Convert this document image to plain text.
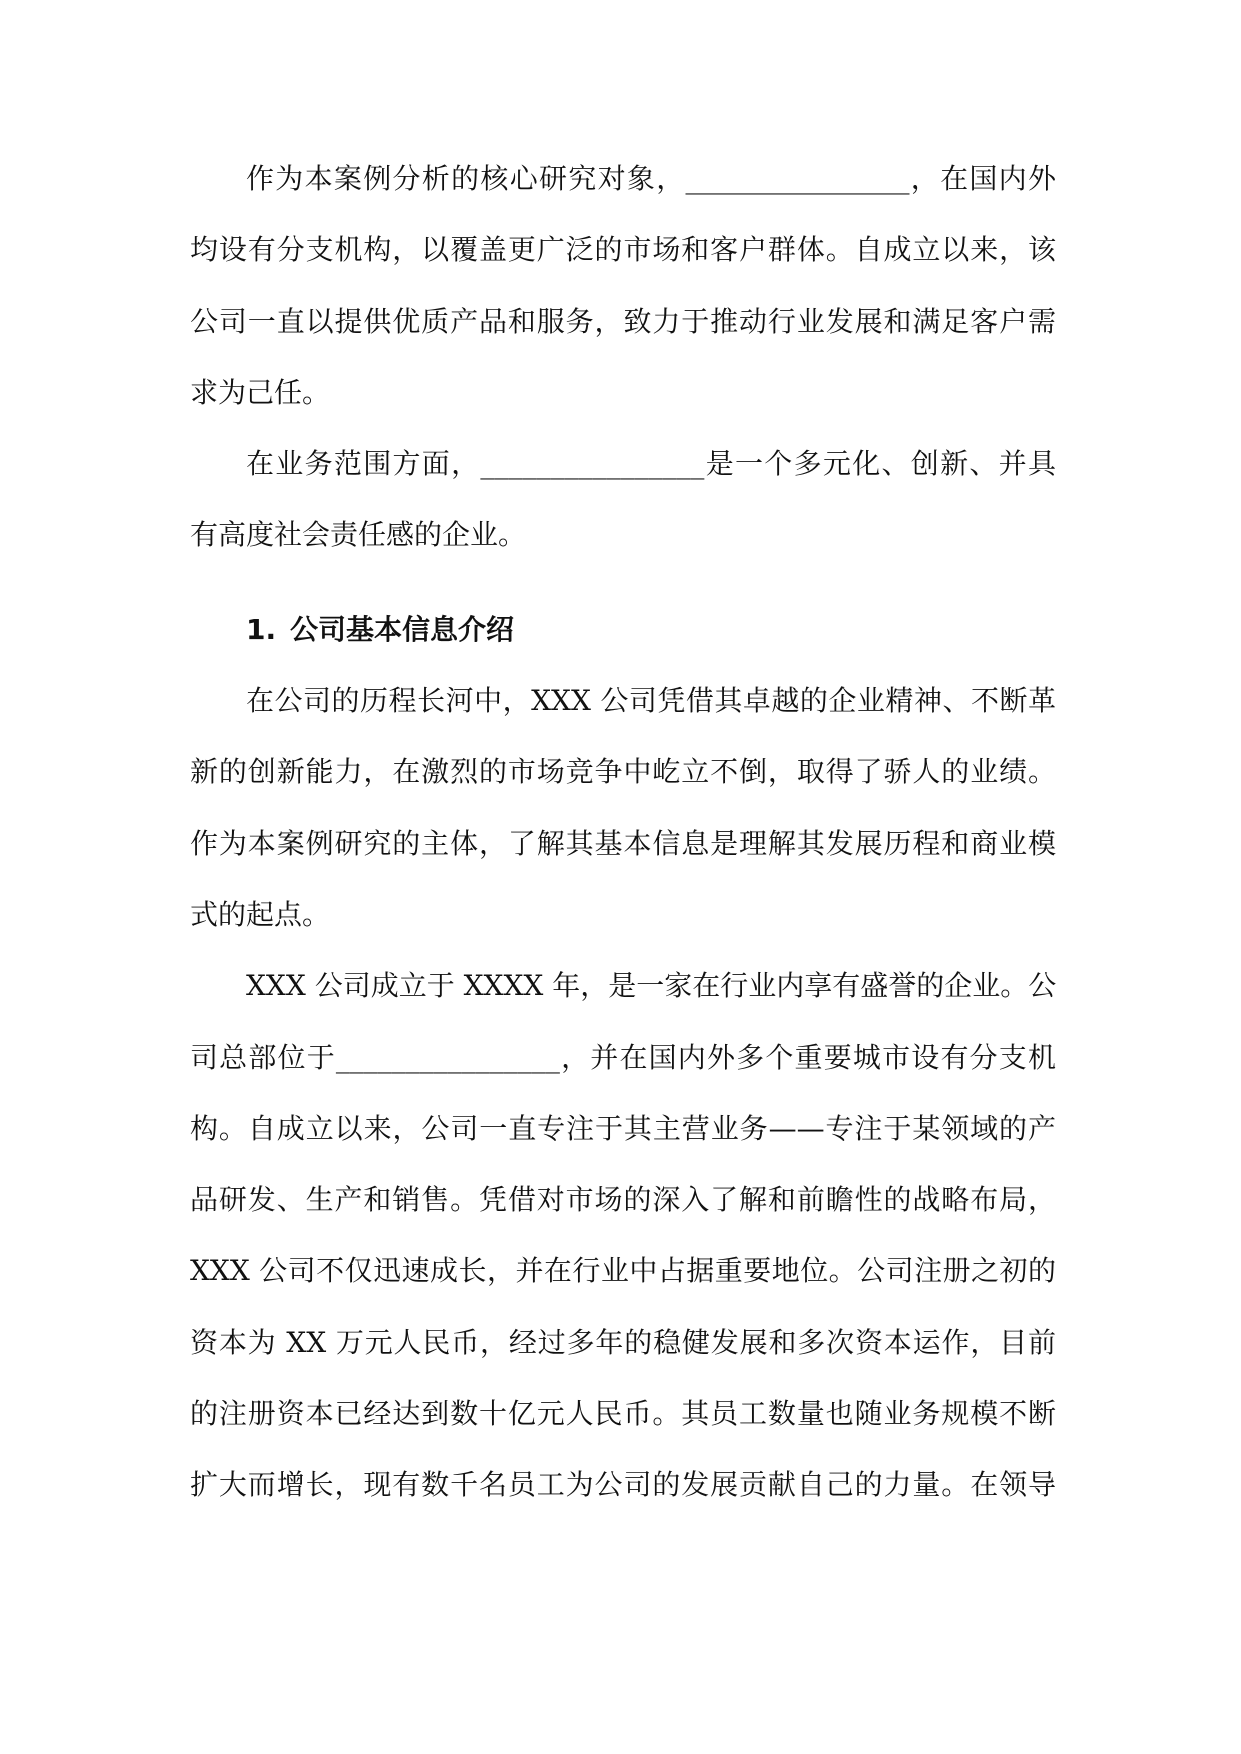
作为本案例分析的核心研究对象，________________，在国内外
均设有分支机构，以覆盖更广泛的市场和客户群体。自成立以来，该
公司一直以提供优质产品和服务，致力于推动行业发展和满足客户需
求为己任。
在业务范围方面，________________是一个多元化、创新、并具
有高度社会责任感的企业。
1. 公司基本信息介绍
在公司的历程长河中，XXX 公司凭借其卓越的企业精神、不断革
新的创新能力，在激烈的市场竞争中屹立不倒，取得了骄人的业绩。
作为本案例研究的主体，了解其基本信息是理解其发展历程和商业模
式的起点。
XXX 公司成立于 XXXX 年，是一家在行业内享有盛誉的企业。公
司总部位于________________，并在国内外多个重要城市设有分支机
构。自成立以来，公司一直专注于其主营业务——专注于某领域的产
品研发、生产和销售。凭借对市场的深入了解和前瞻性的战略布局，
XXX 公司不仅迅速成长，并在行业中占据重要地位。公司注册之初的
资本为 XX 万元人民币，经过多年的稳健发展和多次资本运作，目前
的注册资本已经达到数十亿元人民币。其员工数量也随业务规模不断
扩大而增长，现有数千名员工为公司的发展贡献自己的力量。在领导
